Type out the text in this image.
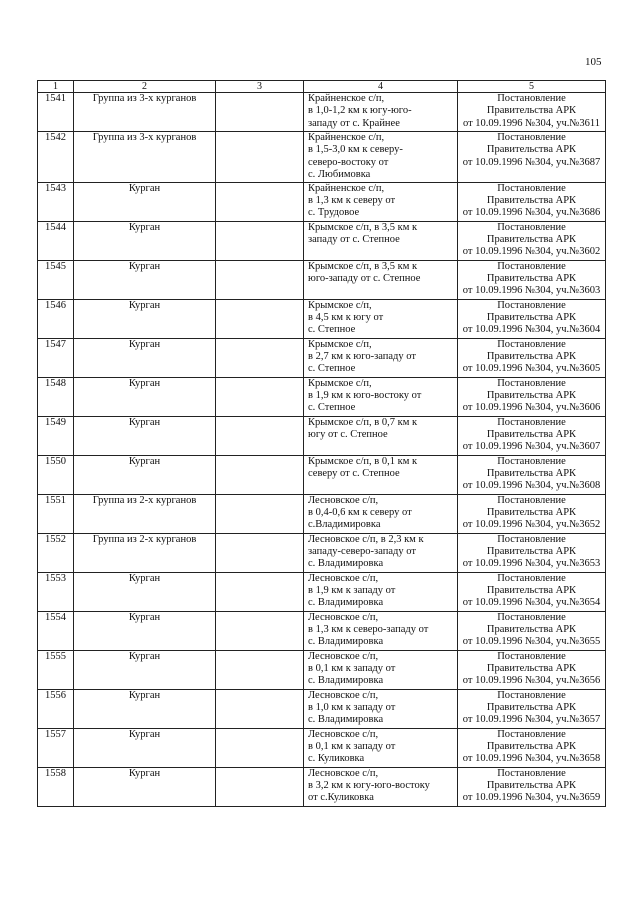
105
1	2	3	4	5
1541	Группа из 3-х курганов		Крайненское с/п,
в 1,0-1,2 км к югу-юго-
западу от с. Крайнее	Постановление
Правительства АРК
от 10.09.1996 №304, уч.№3611

1542	Группа из 3-х курганов		Крайненское с/п,
в 1,5-3,0 км к северу-
северо-востоку от
с. Любимовка	Постановление
Правительства АРК
от 10.09.1996 №304, уч.№3687

1543	Курган		Крайненское с/п,
в 1,3 км к северу от
с. Трудовое	Постановление
Правительства АРК
от 10.09.1996 №304, уч.№3686

1544	Курган		Крымское с/п, в 3,5 км к
западу от с. Степное	Постановление
Правительства АРК
от 10.09.1996 №304, уч.№3602

1545	Курган		Крымское с/п, в 3,5 км к
юго-западу от с. Степное	Постановление
Правительства АРК
от 10.09.1996 №304, уч.№3603

1546	Курган		Крымское с/п,
в 4,5 км к югу от
с. Степное	Постановление
Правительства АРК
от 10.09.1996 №304, уч.№3604

1547	Курган		Крымское с/п,
в 2,7 км к юго-западу от
с. Степное	Постановление
Правительства АРК
от 10.09.1996 №304, уч.№3605

1548	Курган		Крымское с/п,
в 1,9 км к юго-востоку от
с. Степное	Постановление
Правительства АРК
от 10.09.1996 №304, уч.№3606

1549	Курган		Крымское с/п, в 0,7 км к
югу от с. Степное	Постановление
Правительства АРК
от 10.09.1996 №304, уч.№3607

1550	Курган		Крымское с/п, в 0,1 км к
северу от с. Степное	Постановление
Правительства АРК
от 10.09.1996 №304, уч.№3608

1551	Группа из 2-х курганов		Лесновское с/п,
в 0,4-0,6 км к северу от
с.Владимировка	Постановление
Правительства АРК
от 10.09.1996 №304, уч.№3652

1552	Группа из 2-х курганов		Лесновское с/п, в 2,3 км к
западу-северо-западу от
с. Владимировка	Постановление
Правительства АРК
от 10.09.1996 №304, уч.№3653

1553	Курган		Лесновское с/п,
в 1,9 км к западу от
с. Владимировка	Постановление
Правительства АРК
от 10.09.1996 №304, уч.№3654

1554	Курган		Лесновское с/п,
в 1,3 км к северо-западу от
с. Владимировка	Постановление
Правительства АРК
от 10.09.1996 №304, уч.№3655

1555	Курган		Лесновское с/п,
в 0,1 км к западу от
с. Владимировка	Постановление
Правительства АРК
от 10.09.1996 №304, уч.№3656

1556	Курган		Лесновское с/п,
в 1,0 км к западу от
с. Владимировка	Постановление
Правительства АРК
от 10.09.1996 №304, уч.№3657

1557	Курган		Лесновское с/п,
в 0,1 км к западу от
с. Куликовка	Постановление
Правительства АРК
от 10.09.1996 №304, уч.№3658

1558	Курган		Лесновское с/п,
в 3,2 км к югу-юго-востоку
от с.Куликовка	Постановление
Правительства АРК
от 10.09.1996 №304, уч.№3659
